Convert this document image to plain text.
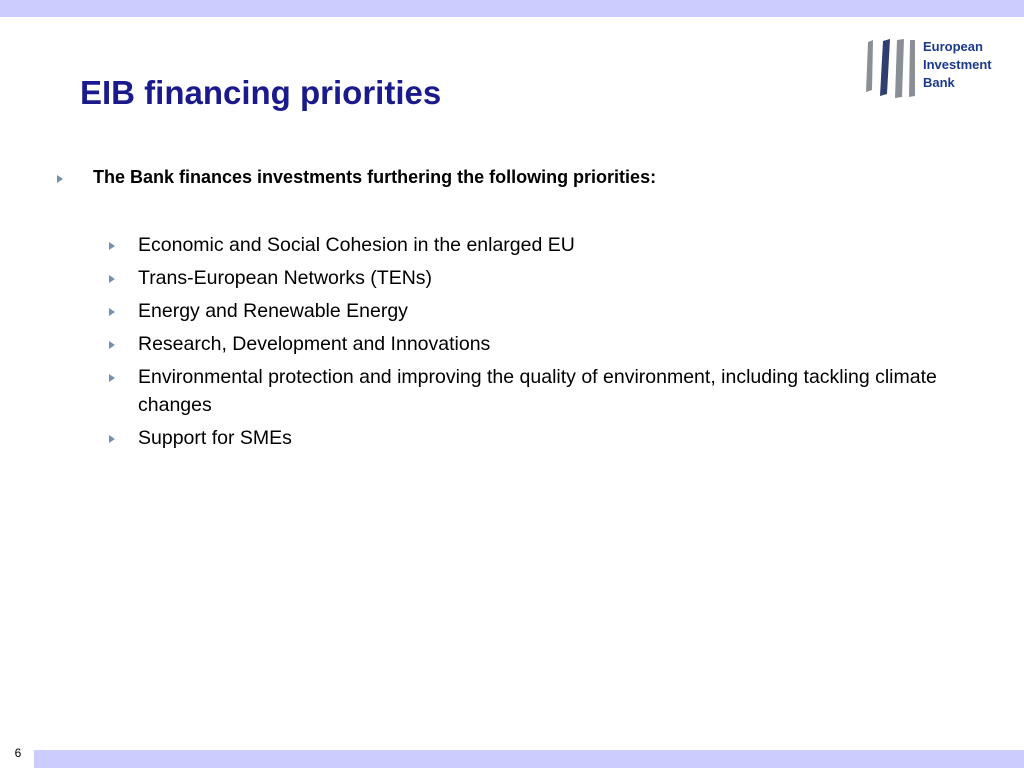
EIB financing priorities
European
Investment
Bank
The Bank finances investments furthering the following priorities:
Economic and Social Cohesion in the enlarged EU
Trans-European Networks (TENs)
Energy and Renewable Energy
Research, Development and Innovations
Environmental protection and improving the quality of environment, including tackling climate changes
Support for SMEs
6
